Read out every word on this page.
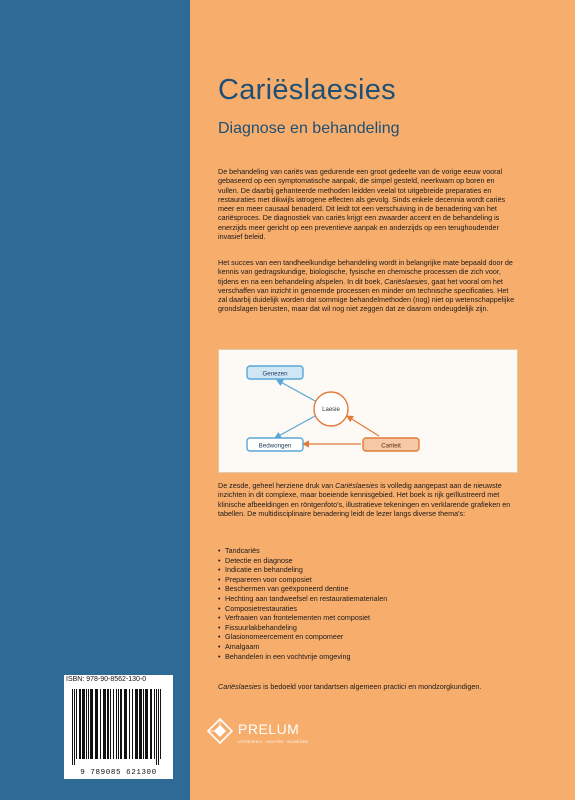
Cariëslaesies
Diagnose en behandeling

De behandeling van cariës was gedurende een groot gedeelte van de vorige eeuw vooral gebaseerd op een symptomatische aanpak, die simpel gesteld, neerkwam op boren en vullen. De daarbij gehanteerde methoden leidden veelal tot uitgebreide preparaties en restauraties met dikwijls iatrogene effecten als gevolg. Sinds enkele decennia wordt cariës meer en meer causaal benaderd. Dit leidt tot een verschuiving in de benadering van het cariësproces. De diagnostiek van cariës krijgt een zwaarder accent en de behandeling is enerzijds meer gericht op een preventieve aanpak en anderzijds op een terughoudender invasief beleid.

Het succes van een tandheelkundige behandeling wordt in belangrijke mate bepaald door de kennis van gedragskundige, biologische, fysische en chemische processen die zich voor, tijdens en na een behandeling afspelen. In dit boek, Cariëslaesies, gaat het vooral om het verschaffen van inzicht in genoemde processen en minder om technische specificaties. Het zal daarbij duidelijk worden dat sommige behandelmethoden (nog) niet op wetenschappelijke grondslagen berusten, maar dat wil nog niet zeggen dat ze daarom ondeugdelijk zijn.

Genezen
Bedwongen	Cariteit
Laesie

De zesde, geheel herziene druk van Cariëslaesies is volledig aangepast aan de nieuwste inzichten in dit complexe, maar boeiende kennisgebied. Het boek is rijk geïllustreerd met klinische afbeeldingen en röntgenfoto's, illustratieve tekeningen en verklarende grafieken en tabellen. De multidisciplinaire benadering leidt de lezer langs diverse thema's:

• Tandcariës
• Detectie en diagnose
• Indicatie en behandeling
• Prepareren voor composiet
• Beschermen van geëxponeerd dentine
• Hechting aan tandweefsel en restauratiematerialen
• Composietrestauraties
• Verfraaien van frontelementen met composiet
• Fissuurlakbehandeling
• Glasionomeercement en compomeer
• Amalgaam
• Behandelen in een vochtvrije omgeving

Cariëslaesies is bedoeld voor tandartsen algemeen practici en mondzorgkundigen.

ISBN: 978-90-8562-130-0
9 789085 621300
PRELUM
UITGEVERIJ · HOUTEN · NIJMEGEN
